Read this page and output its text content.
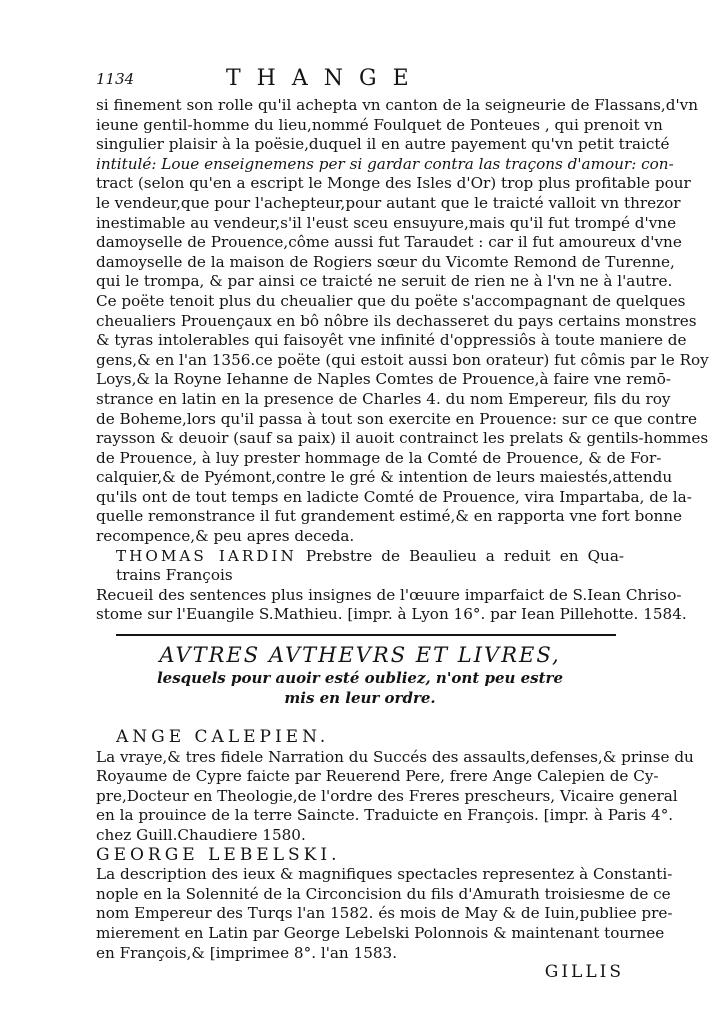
1134	THANGE

si finement son rolle qu'il achepta vn canton de la seigneurie de Flassans,d'vn
ieune gentil-homme du lieu,nommé Foulquet de Ponteues , qui prenoit vn
singulier plaisir à la poësie,duquel il en autre payement qu'vn petit traicté
intitulé: Loue enseignemens per si gardar contra las traçons d'amour: con-
tract (selon qu'en a escript le Monge des Isles d'Or) trop plus profitable pour
le vendeur,que pour l'achepteur,pour autant que le traicté valloit vn threzor
inestimable au vendeur,s'il l'eust sceu ensuyure,mais qu'il fut trompé d'vne
damoyselle de Prouence,côme aussi fut Taraudet : car il fut amoureux d'vne
damoyselle de la maison de Rogiers sœur du Vicomte Remond de Turenne,
qui le trompa, & par ainsi ce traicté ne seruit de rien ne à l'vn ne à l'autre.
Ce poëte tenoit plus du cheualier que du poëte s'accompagnant de quelques
cheualiers Prouençaux en bô nôbre ils dechasseret du pays certains monstres
& tyras intolerables qui faisoyêt vne infinité d'oppressiôs à toute maniere de
gens,& en l'an 1356.ce poëte (qui estoit aussi bon orateur) fut cômis par le Roy
Loys,& la Royne Iehanne de Naples Comtes de Prouence,à faire vne remō-
strance en latin en la presence de Charles 4. du nom Empereur, fils du roy
de Boheme,lors qu'il passa à tout son exercite en Prouence: sur ce que contre
raysson & deuoir (sauf sa paix) il auoit contrainct les prelats & gentils-hommes
de Prouence, à luy prester hommage de la Comté de Prouence, & de For-
calquier,& de Pyémont,contre le gré & intention de leurs maiestés,attendu
qu'ils ont de tout temps en ladicte Comté de Prouence, vira Impartaba, de la-
quelle remonstrance il fut grandement estimé,& en rapporta vne fort bonne
recompence,& peu apres deceda.

THOMAS IARDIN Prebstre de Beaulieu a reduit en Qua-
trains François
Recueil des sentences plus insignes de l'œuure imparfaict de S.Iean Chriso-
stome sur l'Euangile S.Mathieu. [impr. à Lyon 16°. par Iean Pillehotte. 1584.

AVTRES AVTHEVRS ET LIVRES,
lesquels pour auoir esté oubliez, n'ont peu estre
mis en leur ordre.

ANGE CALEPIEN.
La vraye,& tres fidele Narration du Succés des assaults,defenses,& prinse du
Royaume de Cypre faicte par Reuerend Pere, frere Ange Calepien de Cy-
pre,Docteur en Theologie,de l'ordre des Freres prescheurs, Vicaire general
en la prouince de la terre Saincte. Traduicte en François. [impr. à Paris 4°.
chez Guill.Chaudiere 1580.

GEORGE LEBELSKI.
La description des ieux & magnifiques spectacles representez à Constanti-
nople en la Solennité de la Circoncision du fils d'Amurath troisiesme de ce
nom Empereur des Turqs l'an 1582. és mois de May & de Iuin,publiee pre-
mierement en Latin par George Lebelski Polonnois & maintenant tournee
en François,& [imprimee 8°. l'an 1583.

GILLIS
